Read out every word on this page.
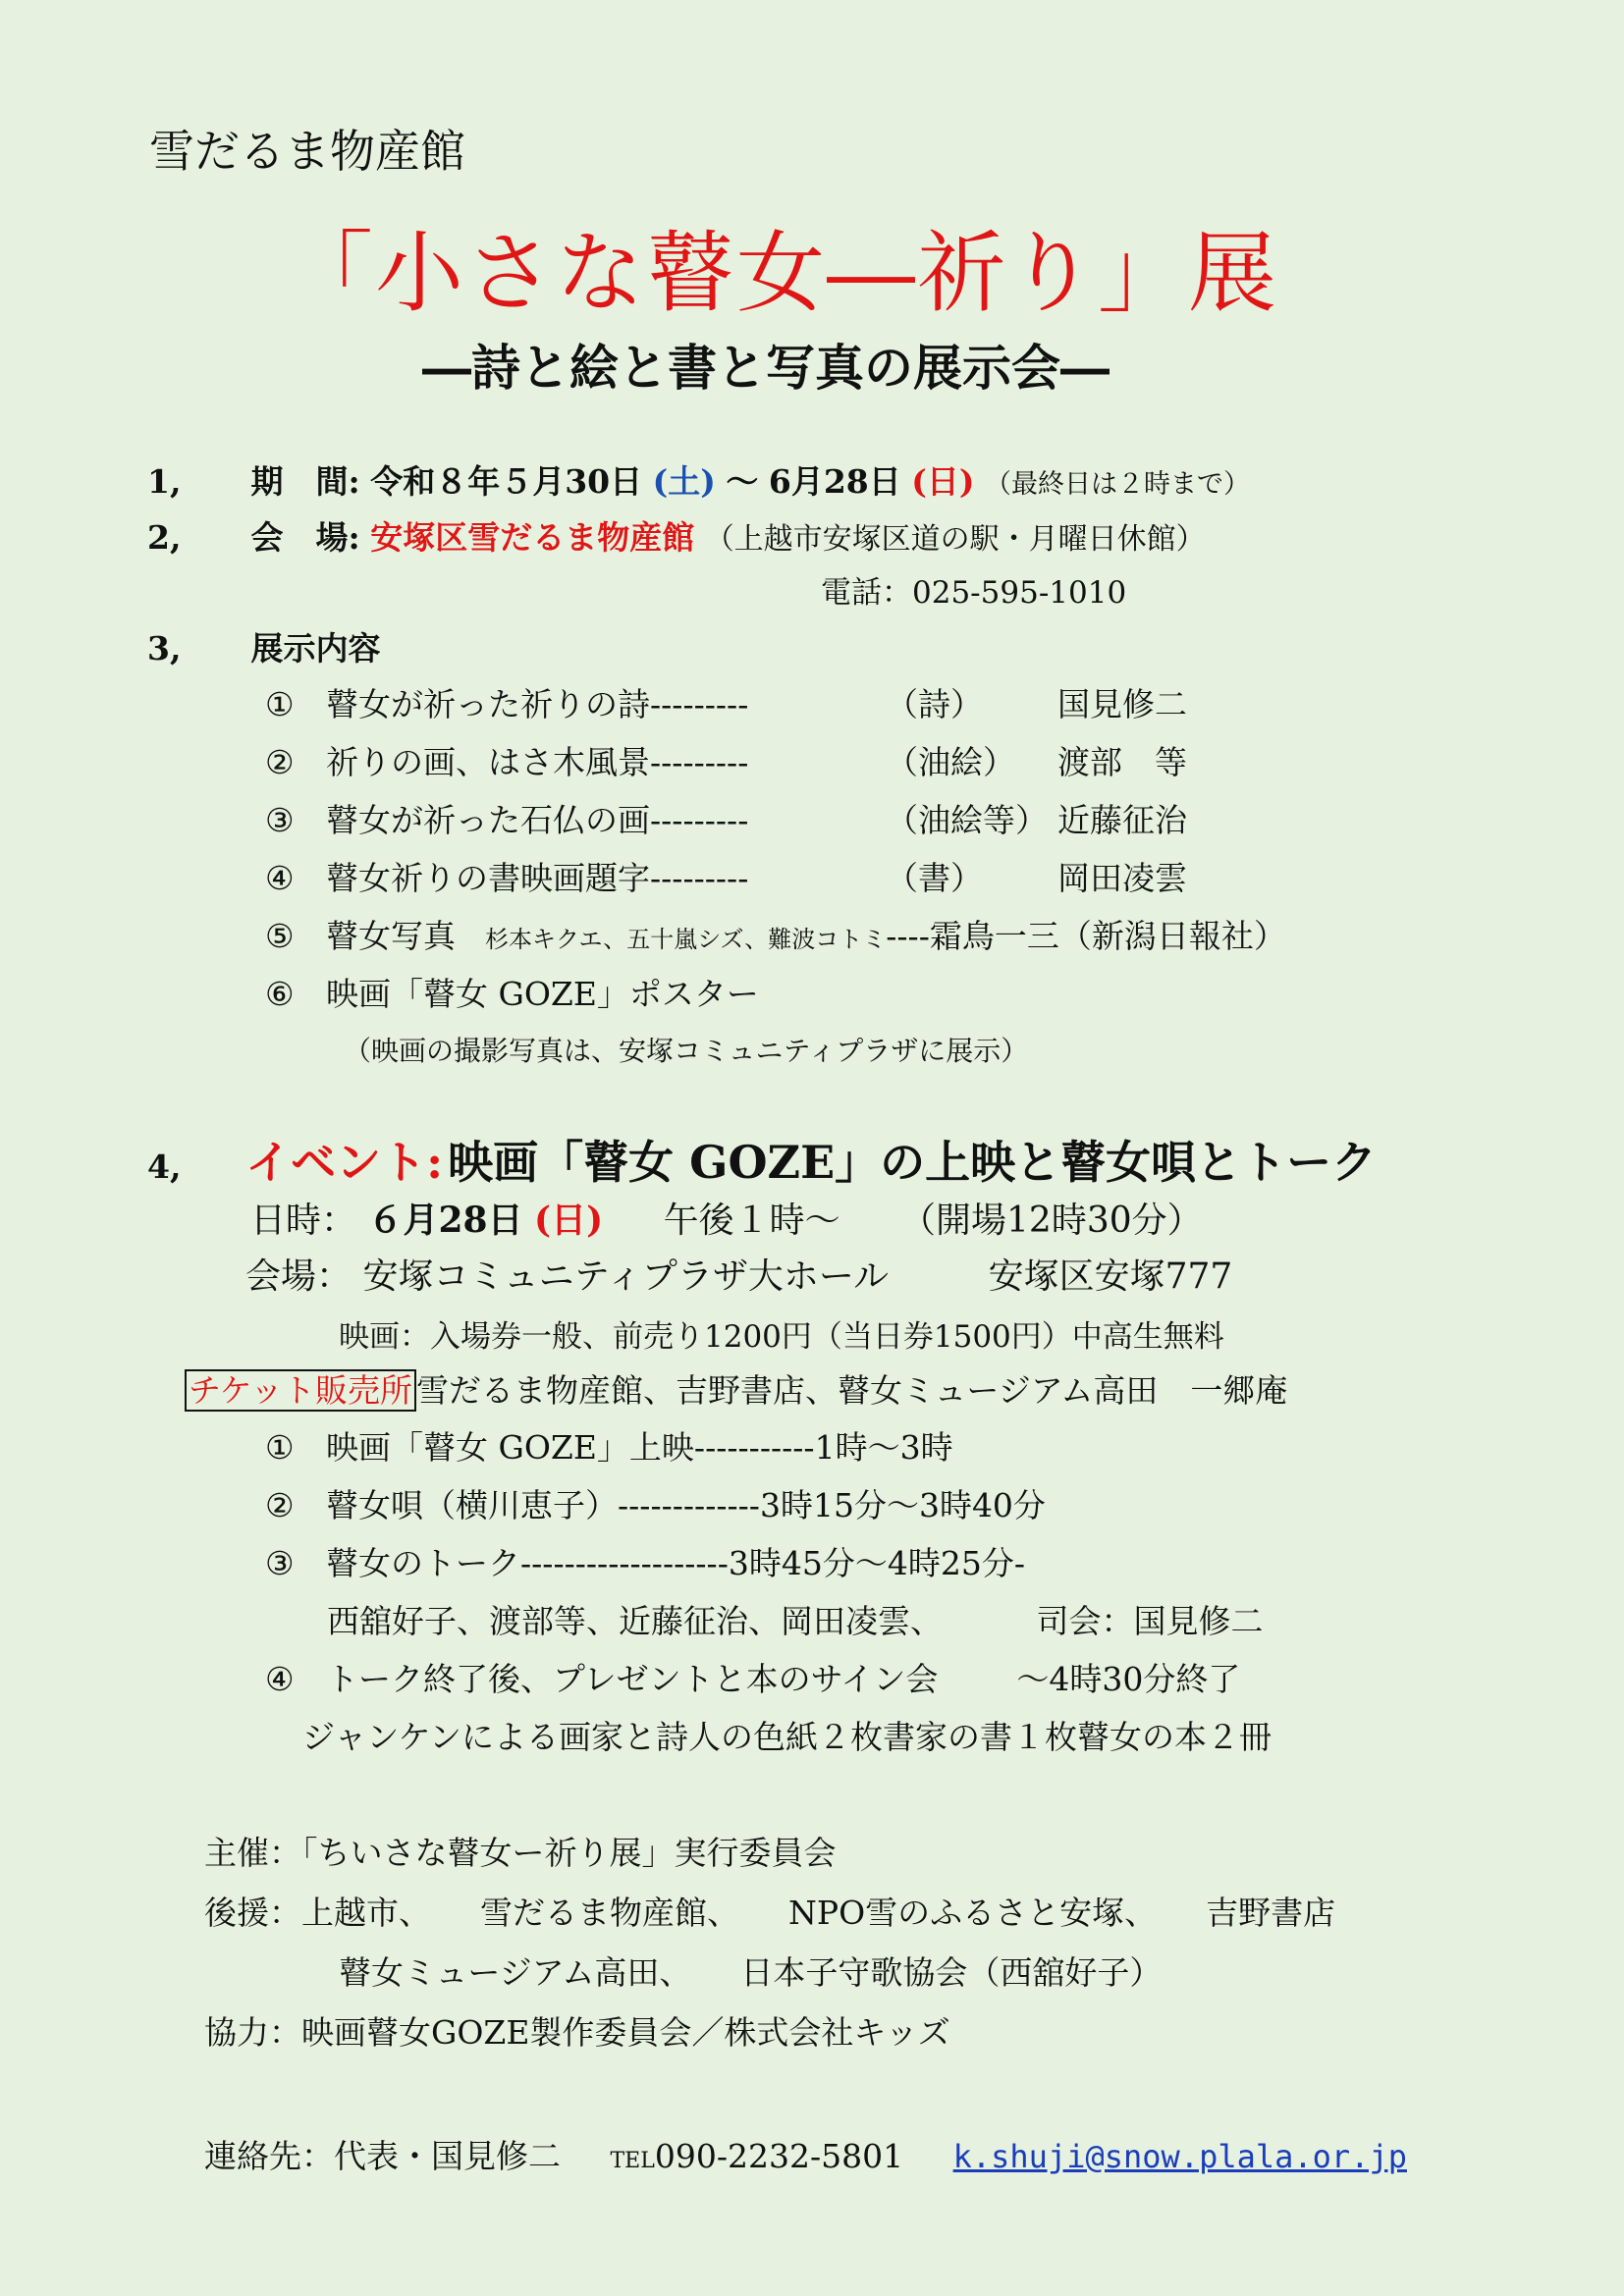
雪だるま物産館
「小さな瞽女―祈り」展
―詩と絵と書と写真の展示会―
1, 期　間: 令和８年５月30日 (土) ～ 6月28日 (日) （最終日は２時まで）
2, 会　場: 安塚区雪だるま物産館 （上越市安塚区道の駅・月曜日休館）
電話：025-595-1010
3, 展示内容
① 瞽女が祈った祈りの詩---------	（詩） 国見修二
② 祈りの画、はさ木風景---------	（油絵） 渡部　等
③ 瞽女が祈った石仏の画---------	（油絵等） 近藤征治
④ 瞽女祈りの書映画題字---------	（書） 岡田凌雲
⑤ 瞽女写真 杉本キクエ、五十嵐シズ、難波コトミ----霜鳥一三（新潟日報社）
⑥ 映画「瞽女 GOZE」ポスター
（映画の撮影写真は、安塚コミュニティプラザに展示）
4, イベント: 映画「瞽女 GOZE」の上映と瞽女唄とトーク
日時： ６月28日 (日) 午後１時～ （開場12時30分）
会場： 安塚コミュニティプラザ大ホール	安塚区安塚777
映画：入場券一般、前売り1200円（当日券1500円）中高生無料
チケット販売所 雪だるま物産館、吉野書店、瞽女ミュージアム高田　一郷庵
① 映画「瞽女 GOZE」上映-----------1時～3時
② 瞽女唄（横川恵子）-------------3時15分～3時40分
③ 瞽女のトーク-------------------3時45分～4時25分-
西舘好子、渡部等、近藤征治、岡田凌雲、	司会：国見修二
④ トーク終了後、プレゼントと本のサイン会 ～4時30分終了
ジャンケンによる画家と詩人の色紙２枚書家の書１枚瞽女の本２冊
主催：「ちいさな瞽女ー祈り展」実行委員会
後援：上越市、 雪だるま物産館、 NPO雪のふるさと安塚、 吉野書店
瞽女ミュージアム高田、 日本子守歌協会（西舘好子）
協力：映画瞽女GOZE製作委員会／株式会社キッズ
連絡先：代表・国見修二 TEL090-2232-5801 k.shuji@snow.plala.or.jp
